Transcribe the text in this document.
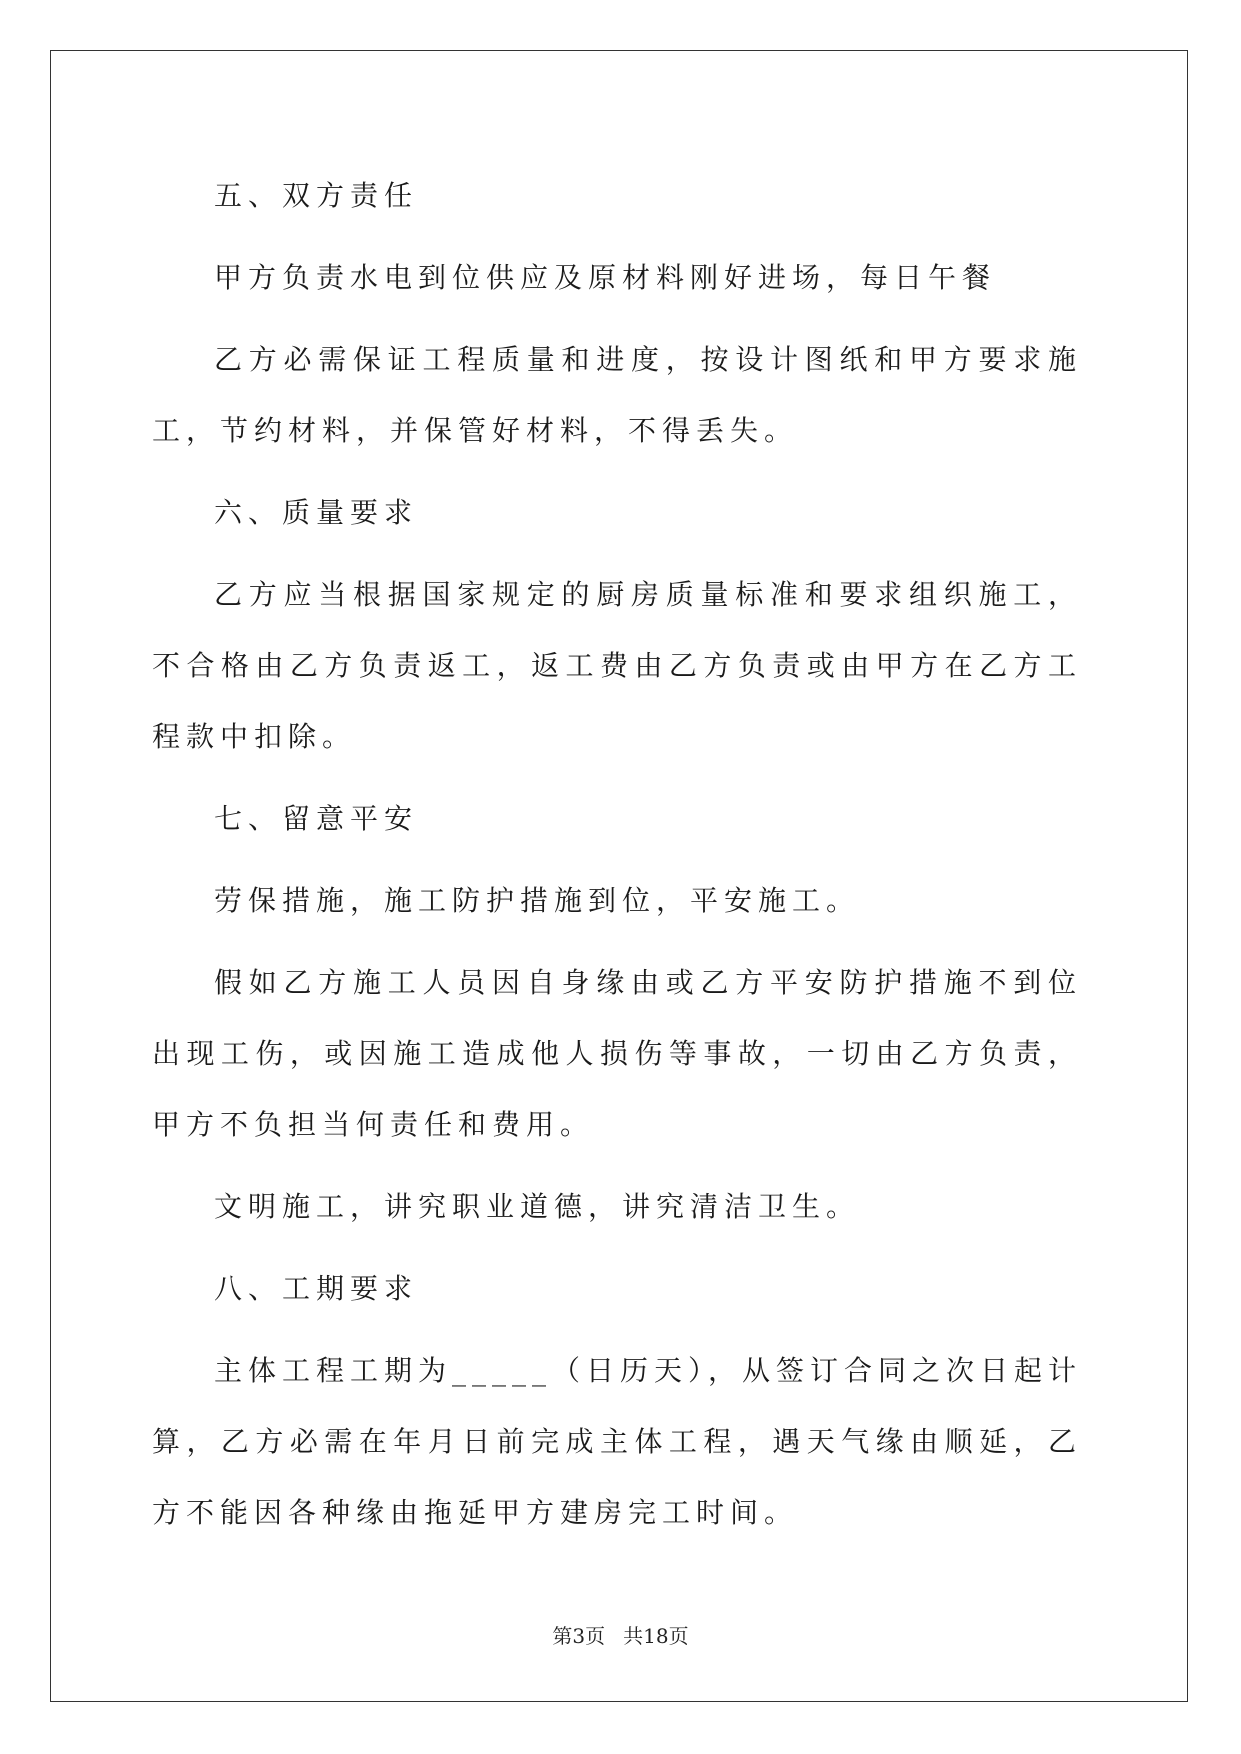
五、双方责任

甲方负责水电到位供应及原材料刚好进场，每日午餐

乙方必需保证工程质量和进度，按设计图纸和甲方要求施工，节约材料，并保管好材料，不得丢失。

六、质量要求

乙方应当根据国家规定的厨房质量标准和要求组织施工，不合格由乙方负责返工，返工费由乙方负责或由甲方在乙方工程款中扣除。

七、留意平安

劳保措施，施工防护措施到位，平安施工。

假如乙方施工人员因自身缘由或乙方平安防护措施不到位出现工伤，或因施工造成他人损伤等事故，一切由乙方负责，甲方不负担当何责任和费用。

文明施工，讲究职业道德，讲究清洁卫生。

八、工期要求

主体工程工期为_____（日历天），从签订合同之次日起计算，乙方必需在年月日前完成主体工程，遇天气缘由顺延，乙方不能因各种缘由拖延甲方建房完工时间。

第3页 共18页
